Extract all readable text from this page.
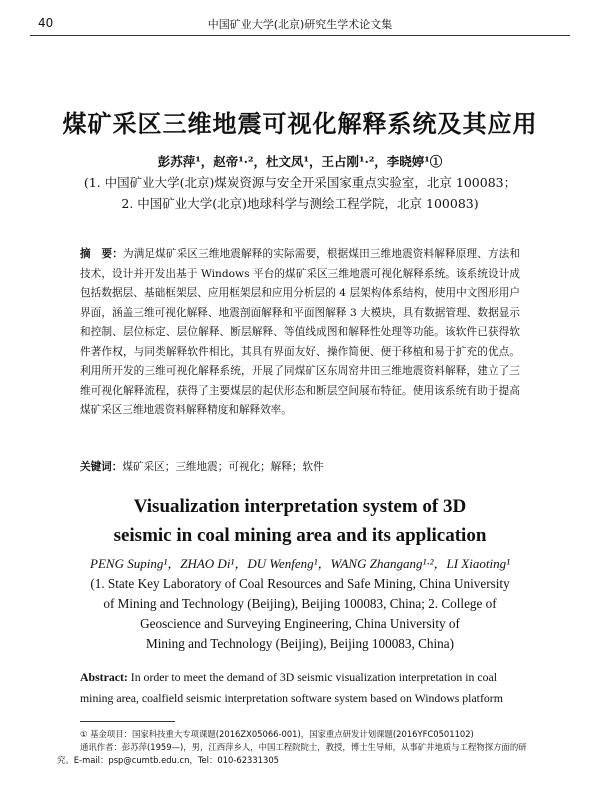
40	中国矿业大学(北京)研究生学术论文集
煤矿采区三维地震可视化解释系统及其应用
彭苏萍¹，赵帝¹·²，杜文凤¹，王占刚¹·²，李晓婷¹①
(1. 中国矿业大学(北京)煤炭资源与安全开采国家重点实验室，北京 100083；
2. 中国矿业大学(北京)地球科学与测绘工程学院，北京 100083)
摘　要：为满足煤矿采区三维地震解释的实际需要，根据煤田三维地震资料解释原理、方法和技术，设计并开发出基于 Windows 平台的煤矿采区三维地震可视化解释系统。该系统设计成包括数据层、基础框架层、应用框架层和应用分析层的 4 层架构体系结构，使用中文图形用户界面，涵盖三维可视化解释、地震剖面解释和平面图解释 3 大模块，具有数据管理、数据显示和控制、层位标定、层位解释、断层解释、等值线成图和解释性处理等功能。该软件已获得软件著作权，与同类解释软件相比，其具有界面友好、操作简便、便于移植和易于扩充的优点。利用所开发的三维可视化解释系统，开展了同煤矿区东周窑井田三维地震资料解释，建立了三维可视化解释流程，获得了主要煤层的起伏形态和断层空间展布特征。使用该系统有助于提高煤矿采区三维地震资料解释精度和解释效率。
关键词：煤矿采区；三维地震；可视化；解释；软件
Visualization interpretation system of 3D
seismic in coal mining area and its application
PENG Suping¹，ZHAO Di¹，DU Wenfeng¹，WANG Zhangang¹·²，LI Xiaoting¹
(1. State Key Laboratory of Coal Resources and Safe Mining, China University
of Mining and Technology (Beijing), Beijing 100083, China; 2. College of
Geoscience and Surveying Engineering, China University of
Mining and Technology (Beijing), Beijing 100083, China)
Abstract: In order to meet the demand of 3D seismic visualization interpretation in coal mining area, coalfield seismic interpretation software system based on Windows platform
① 基金项目：国家科技重大专项课题(2016ZX05066-001)，国家重点研发计划课题(2016YFC0501102)
通讯作者：彭苏萍(1959—)，男，江西萍乡人，中国工程院院士，教授，博士生导师，从事矿井地质与工程物探方面的研
究。E-mail：psp@cumtb.edu.cn，Tel：010-62331305
